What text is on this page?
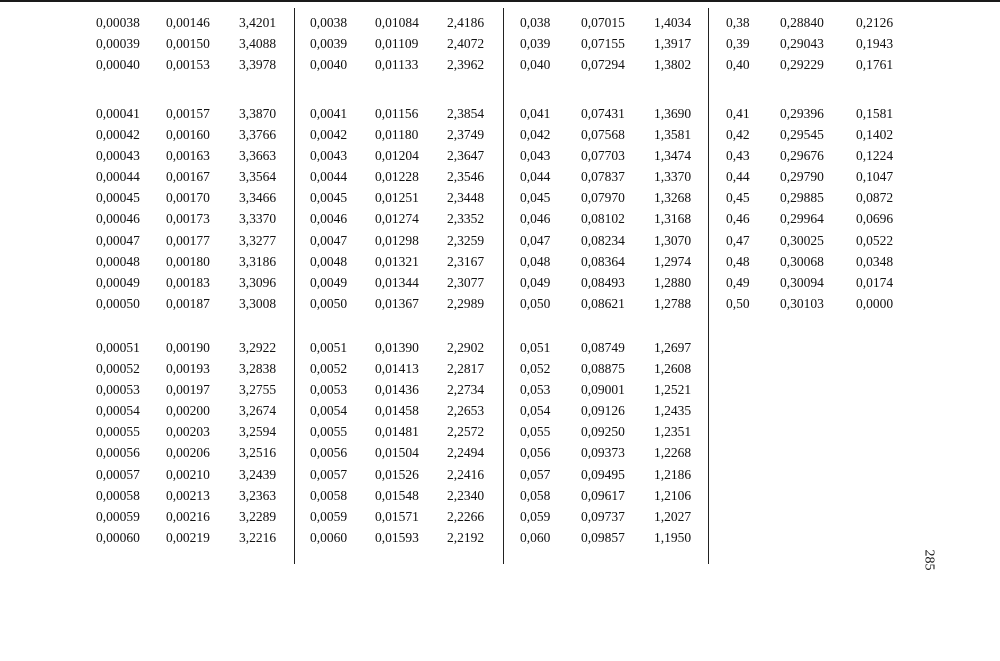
0,00038 0,00146 3,4201
0,00039 0,00150 3,4088
0,00040 0,00153 3,3978
0,00041 0,00157 3,3870
0,00042 0,00160 3,3766
0,00043 0,00163 3,3663
0,00044 0,00167 3,3564
0,00045 0,00170 3,3466
0,00046 0,00173 3,3370
0,00047 0,00177 3,3277
0,00048 0,00180 3,3186
0,00049 0,00183 3,3096
0,00050 0,00187 3,3008
0,00051 0,00190 3,2922
0,00052 0,00193 3,2838
0,00053 0,00197 3,2755
0,00054 0,00200 3,2674
0,00055 0,00203 3,2594
0,00056 0,00206 3,2516
0,00057 0,00210 3,2439
0,00058 0,00213 3,2363
0,00059 0,00216 3,2289
0,00060 0,00219 3,2216
0,0038 0,01084 2,4186
0,0039 0,01109 2,4072
0,0040 0,01133 2,3962
0,0041 0,01156 2,3854
0,0042 0,01180 2,3749
0,0043 0,01204 2,3647
0,0044 0,01228 2,3546
0,0045 0,01251 2,3448
0,0046 0,01274 2,3352
0,0047 0,01298 2,3259
0,0048 0,01321 2,3167
0,0049 0,01344 2,3077
0,0050 0,01367 2,2989
0,0051 0,01390 2,2902
0,0052 0,01413 2,2817
0,0053 0,01436 2,2734
0,0054 0,01458 2,2653
0,0055 0,01481 2,2572
0,0056 0,01504 2,2494
0,0057 0,01526 2,2416
0,0058 0,01548 2,2340
0,0059 0,01571 2,2266
0,0060 0,01593 2,2192
0,038 0,07015 1,4034
0,039 0,07155 1,3917
0,040 0,07294 1,3802
0,041 0,07431 1,3690
0,042 0,07568 1,3581
0,043 0,07703 1,3474
0,044 0,07837 1,3370
0,045 0,07970 1,3268
0,046 0,08102 1,3168
0,047 0,08234 1,3070
0,048 0,08364 1,2974
0,049 0,08493 1,2880
0,050 0,08621 1,2788
0,051 0,08749 1,2697
0,052 0,08875 1,2608
0,053 0,09001 1,2521
0,054 0,09126 1,2435
0,055 0,09250 1,2351
0,056 0,09373 1,2268
0,057 0,09495 1,2186
0,058 0,09617 1,2106
0,059 0,09737 1,2027
0,060 0,09857 1,1950
0,38 0,28840 0,2126
0,39 0,29043 0,1943
0,40 0,29229 0,1761
0,41 0,29396 0,1581
0,42 0,29545 0,1402
0,43 0,29676 0,1224
0,44 0,29790 0,1047
0,45 0,29885 0,0872
0,46 0,29964 0,0696
0,47 0,30025 0,0522
0,48 0,30068 0,0348
0,49 0,30094 0,0174
0,50 0,30103 0,0000
285
